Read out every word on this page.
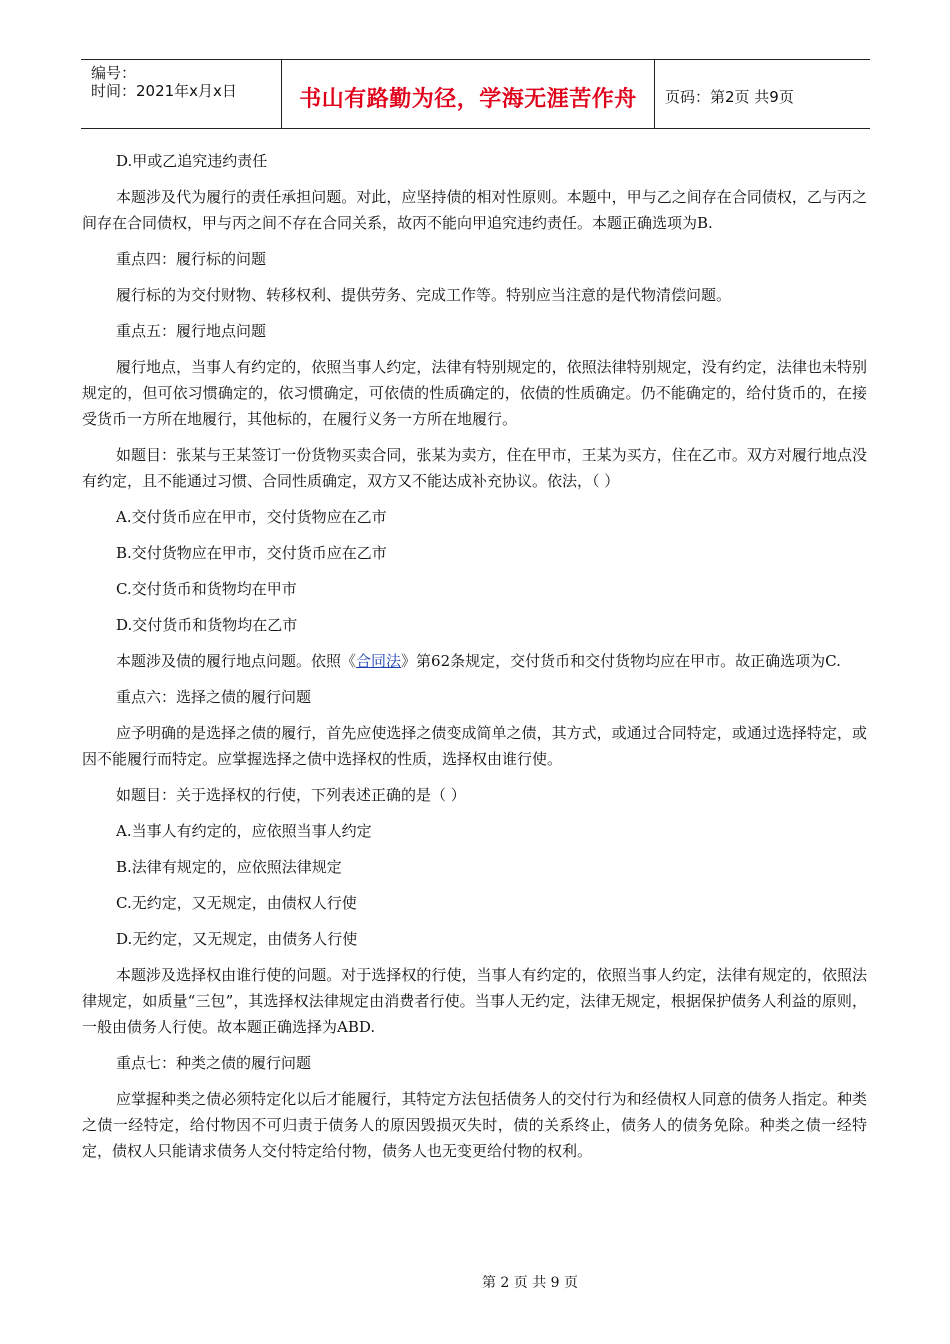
编号：
时间：2021年x月x日	书山有路勤为径，学海无涯苦作舟	页码：第2页 共9页

D.甲或乙追究违约责任

本题涉及代为履行的责任承担问题。对此，应坚持债的相对性原则。本题中，甲与乙之间存在合同债权，乙与丙之间存在合同债权，甲与丙之间不存在合同关系，故丙不能向甲追究违约责任。本题正确选项为B.

重点四：履行标的问题

履行标的为交付财物、转移权利、提供劳务、完成工作等。特别应当注意的是代物清偿问题。

重点五：履行地点问题

履行地点，当事人有约定的，依照当事人约定，法律有特别规定的，依照法律特别规定，没有约定，法律也未特别规定的，但可依习惯确定的，依习惯确定，可依债的性质确定的，依债的性质确定。仍不能确定的，给付货币的，在接受货币一方所在地履行，其他标的，在履行义务一方所在地履行。

如题目：张某与王某签订一份货物买卖合同，张某为卖方，住在甲市，王某为买方，住在乙市。双方对履行地点没有约定，且不能通过习惯、合同性质确定，双方又不能达成补充协议。依法，（ ）

A.交付货币应在甲市，交付货物应在乙市

B.交付货物应在甲市，交付货币应在乙市

C.交付货币和货物均在甲市

D.交付货币和货物均在乙市

本题涉及债的履行地点问题。依照《合同法》第62条规定，交付货币和交付货物均应在甲市。故正确选项为C.

重点六：选择之债的履行问题

应予明确的是选择之债的履行，首先应使选择之债变成简单之债，其方式，或通过合同特定，或通过选择特定，或因不能履行而特定。应掌握选择之债中选择权的性质，选择权由谁行使。

如题目：关于选择权的行使，下列表述正确的是（ ）

A.当事人有约定的，应依照当事人约定

B.法律有规定的，应依照法律规定

C.无约定，又无规定，由债权人行使

D.无约定，又无规定，由债务人行使

本题涉及选择权由谁行使的问题。对于选择权的行使，当事人有约定的，依照当事人约定，法律有规定的，依照法律规定，如质量“三包”，其选择权法律规定由消费者行使。当事人无约定，法律无规定，根据保护债务人利益的原则，一般由债务人行使。故本题正确选择为ABD.

重点七：种类之债的履行问题

应掌握种类之债必须特定化以后才能履行，其特定方法包括债务人的交付行为和经债权人同意的债务人指定。种类之债一经特定，给付物因不可归责于债务人的原因毁损灭失时，债的关系终止，债务人的债务免除。种类之债一经特定，债权人只能请求债务人交付特定给付物，债务人也无变更给付物的权利。

第 2 页 共 9 页
